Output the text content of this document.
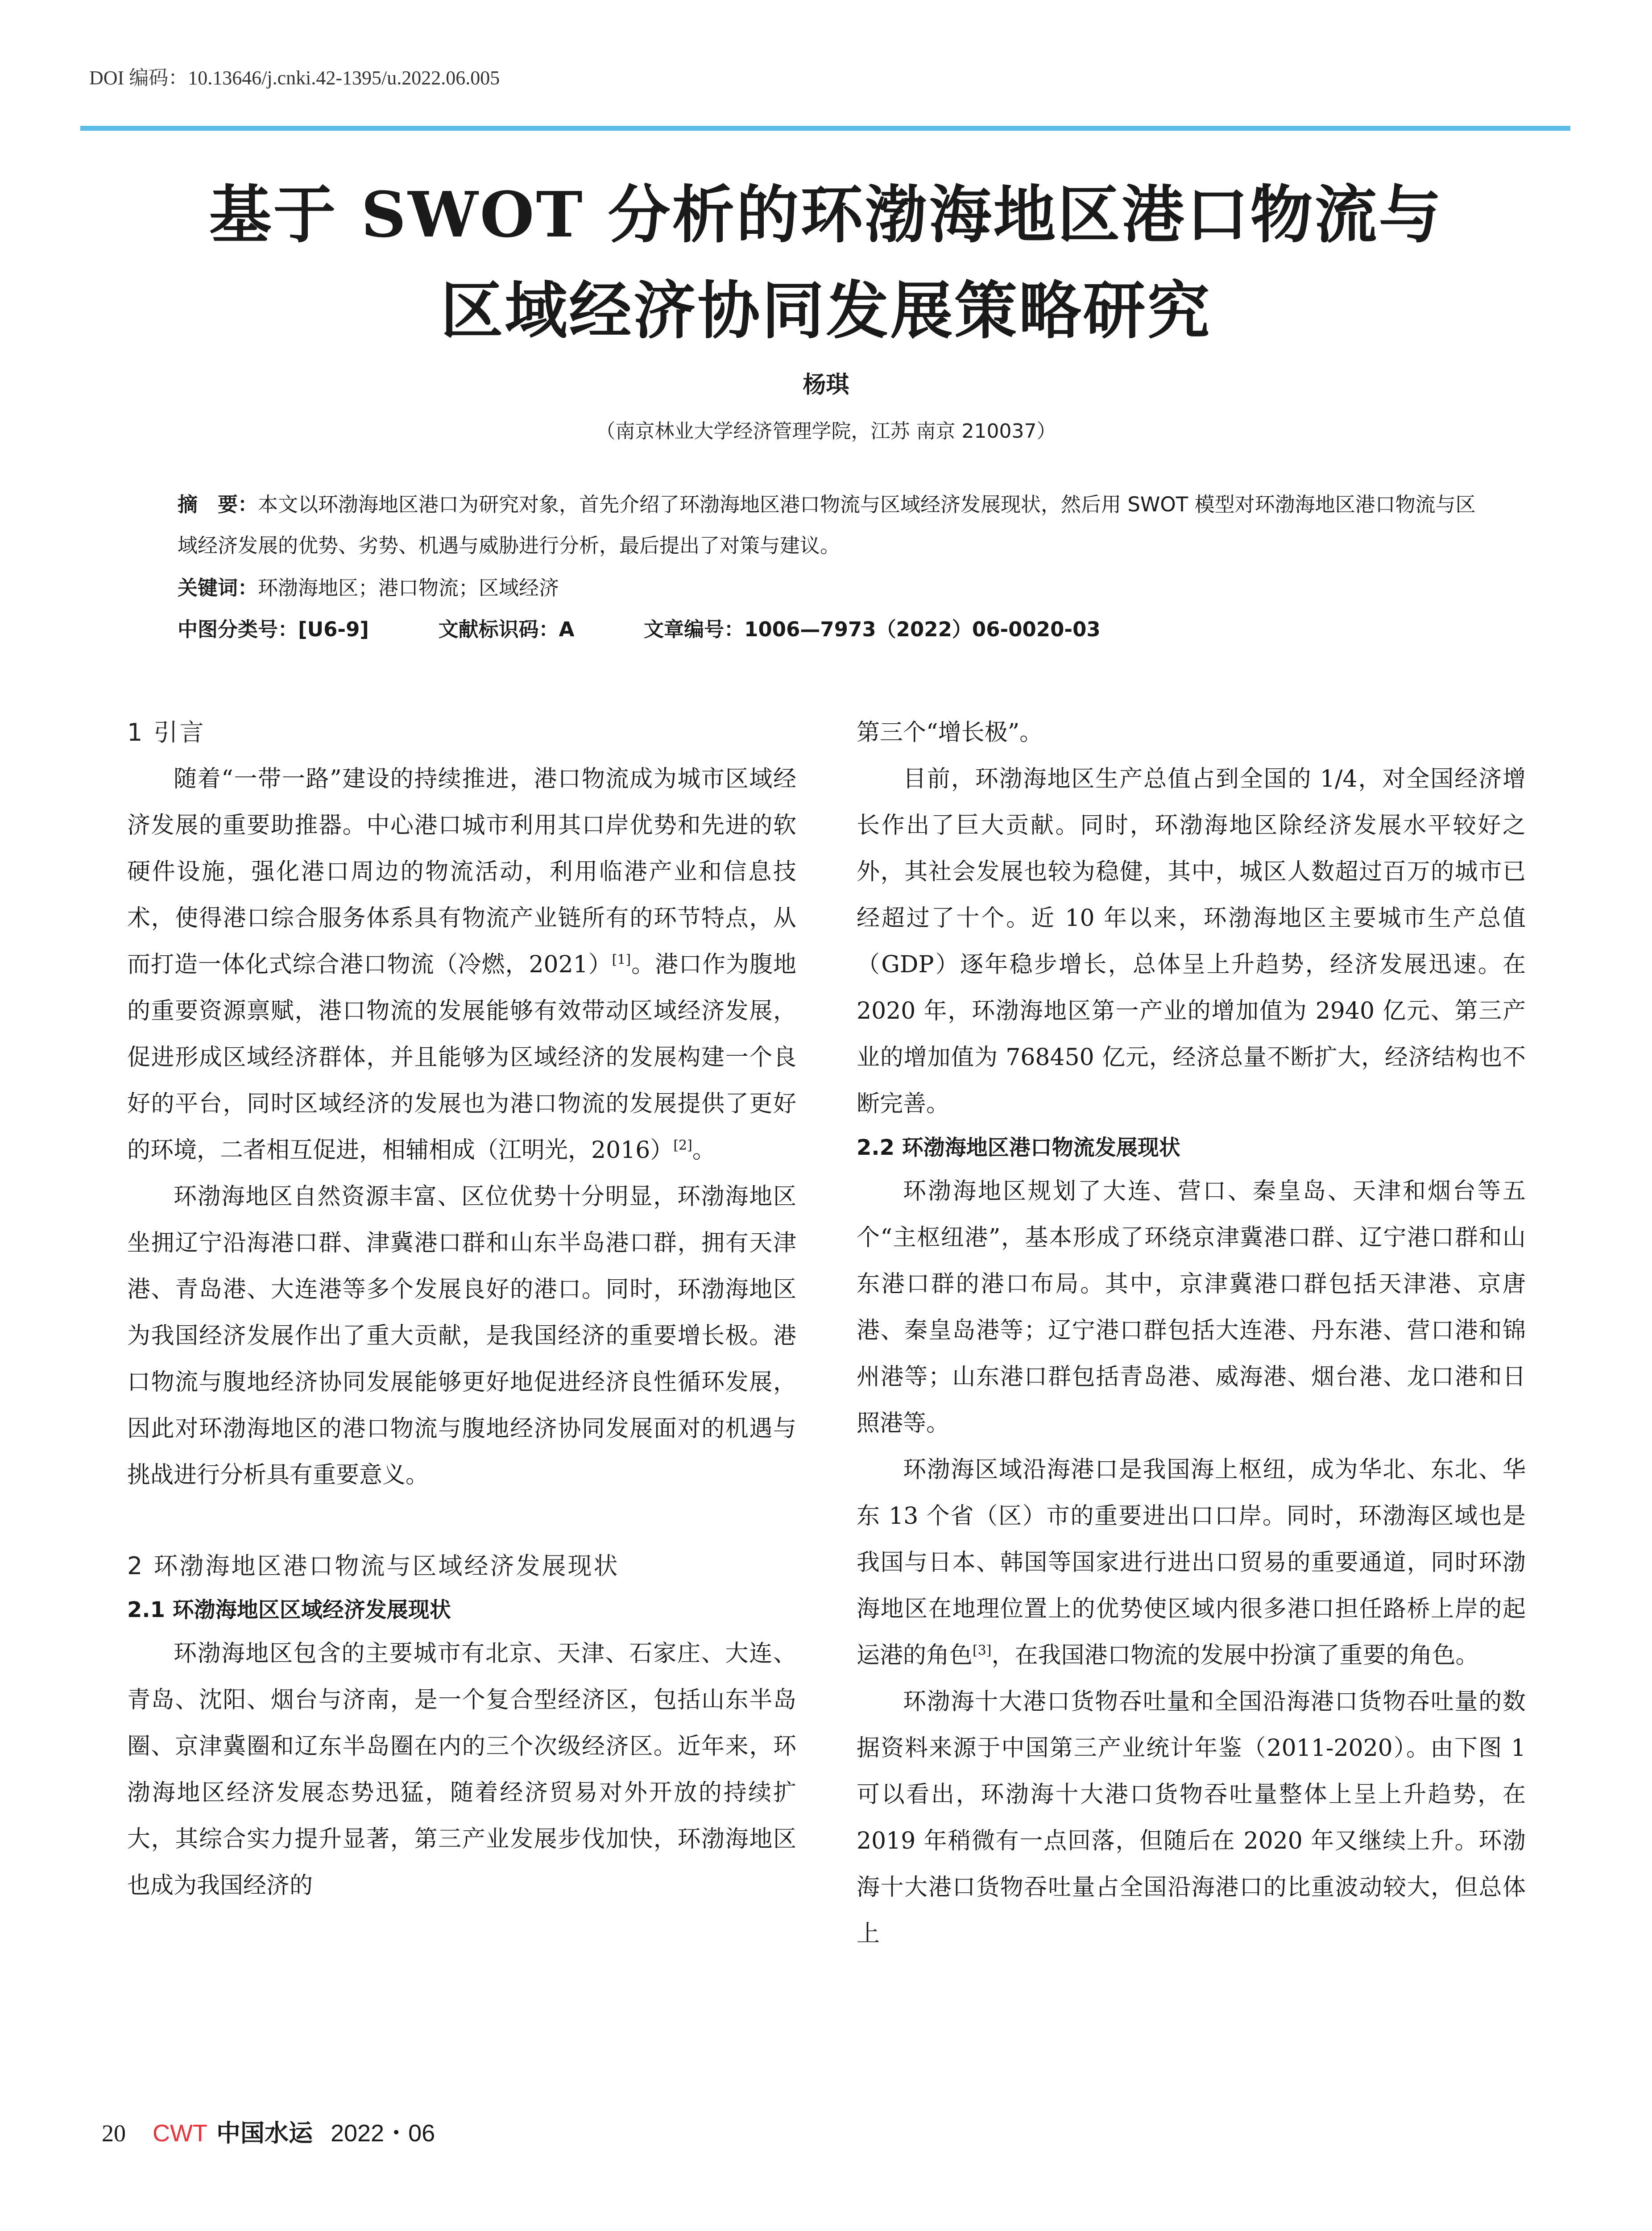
DOI 编码：10.13646/j.cnki.42-1395/u.2022.06.005
基于 SWOT 分析的环渤海地区港口物流与
区域经济协同发展策略研究
杨琪
（南京林业大学经济管理学院，江苏 南京 210037）
摘　要：本文以环渤海地区港口为研究对象，首先介绍了环渤海地区港口物流与区域经济发展现状，然后用 SWOT 模型对环渤海地区港口物流与区域经济发展的优势、劣势、机遇与威胁进行分析，最后提出了对策与建议。
关键词：环渤海地区；港口物流；区域经济
中图分类号：[U6-9]	文献标识码：A	文章编号：1006—7973（2022）06-0020-03
1 引言

随着“一带一路”建设的持续推进，港口物流成为城市区域经济发展的重要助推器。中心港口城市利用其口岸优势和先进的软硬件设施，强化港口周边的物流活动，利用临港产业和信息技术，使得港口综合服务体系具有物流产业链所有的环节特点，从而打造一体化式综合港口物流（冷燃，2021）[1]。港口作为腹地的重要资源禀赋，港口物流的发展能够有效带动区域经济发展，促进形成区域经济群体，并且能够为区域经济的发展构建一个良好的平台，同时区域经济的发展也为港口物流的发展提供了更好的环境，二者相互促进，相辅相成（江明光，2016）[2]。

环渤海地区自然资源丰富、区位优势十分明显，环渤海地区坐拥辽宁沿海港口群、津冀港口群和山东半岛港口群，拥有天津港、青岛港、大连港等多个发展良好的港口。同时，环渤海地区为我国经济发展作出了重大贡献，是我国经济的重要增长极。港口物流与腹地经济协同发展能够更好地促进经济良性循环发展，因此对环渤海地区的港口物流与腹地经济协同发展面对的机遇与挑战进行分析具有重要意义。

2 环渤海地区港口物流与区域经济发展现状
2.1 环渤海地区区域经济发展现状

环渤海地区包含的主要城市有北京、天津、石家庄、大连、青岛、沈阳、烟台与济南，是一个复合型经济区，包括山东半岛圈、京津冀圈和辽东半岛圈在内的三个次级经济区。近年来，环渤海地区经济发展态势迅猛，随着经济贸易对外开放的持续扩大，其综合实力提升显著，第三产业发展步伐加快，环渤海地区也成为我国经济的

第三个“增长极”。

目前，环渤海地区生产总值占到全国的 1/4，对全国经济增长作出了巨大贡献。同时，环渤海地区除经济发展水平较好之外，其社会发展也较为稳健，其中，城区人数超过百万的城市已经超过了十个。近 10 年以来，环渤海地区主要城市生产总值（GDP）逐年稳步增长，总体呈上升趋势，经济发展迅速。在 2020 年，环渤海地区第一产业的增加值为 2940 亿元、第三产业的增加值为 768450 亿元，经济总量不断扩大，经济结构也不断完善。

2.2 环渤海地区港口物流发展现状

环渤海地区规划了大连、营口、秦皇岛、天津和烟台等五个“主枢纽港”，基本形成了环绕京津冀港口群、辽宁港口群和山东港口群的港口布局。其中，京津冀港口群包括天津港、京唐港、秦皇岛港等；辽宁港口群包括大连港、丹东港、营口港和锦州港等；山东港口群包括青岛港、威海港、烟台港、龙口港和日照港等。

环渤海区域沿海港口是我国海上枢纽，成为华北、东北、华东 13 个省（区）市的重要进出口口岸。同时，环渤海区域也是我国与日本、韩国等国家进行进出口贸易的重要通道，同时环渤海地区在地理位置上的优势使区域内很多港口担任路桥上岸的起运港的角色[3]，在我国港口物流的发展中扮演了重要的角色。

环渤海十大港口货物吞吐量和全国沿海港口货物吞吐量的数据资料来源于中国第三产业统计年鉴（2011-2020）。由下图 1 可以看出，环渤海十大港口货物吞吐量整体上呈上升趋势，在 2019 年稍微有一点回落，但随后在 2020 年又继续上升。环渤海十大港口货物吞吐量占全国沿海港口的比重波动较大，但总体上

20 CWT 中国水运 2022・06
